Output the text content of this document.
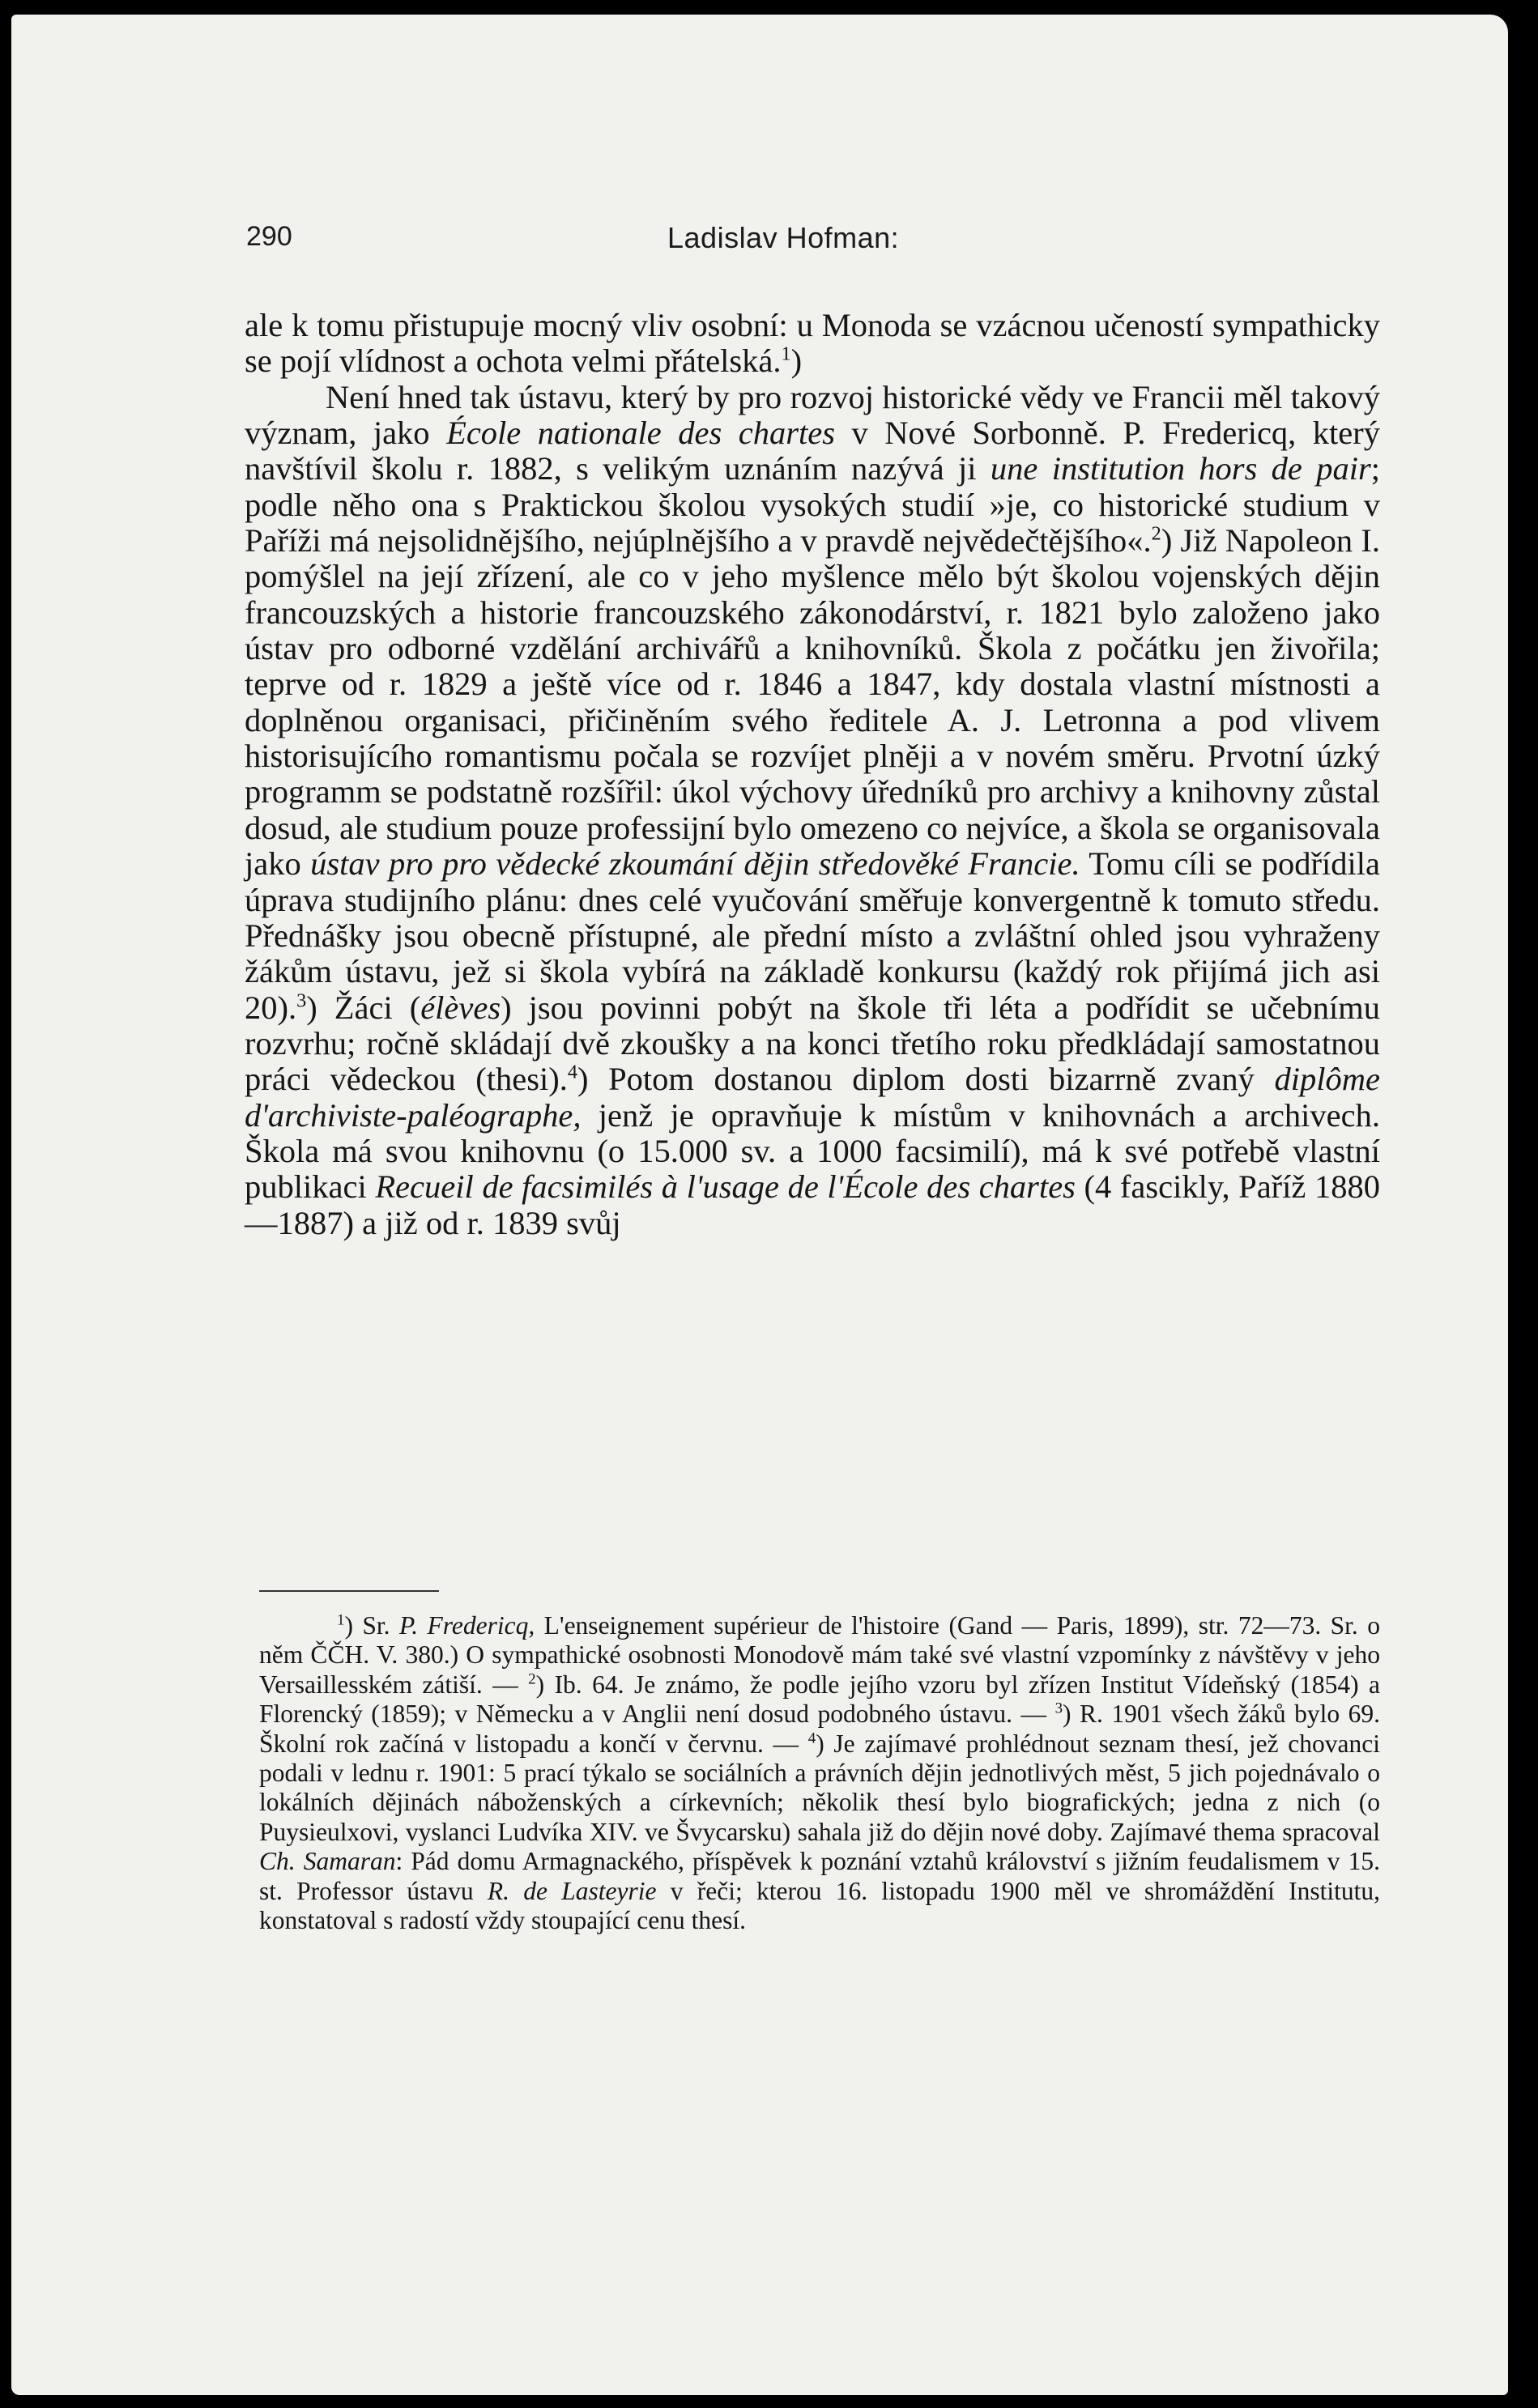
290	Ladislav Hofman:

ale k tomu přistupuje mocný vliv osobní: u Monoda se vzácnou učeností sympathicky se pojí vlídnost a ochota velmi přátelská.$^1$)

Není hned tak ústavu, který by pro rozvoj historické vědy ve Francii měl takový význam, jako École nationale des chartes v Nové Sorbonně. P. Fredericq, který navštívil školu r. 1882, s velikým uznáním nazývá ji une institution hors de pair; podle něho ona s Praktickou školou vysokých studií »je, co historické studium v Paříži má nejsolidnějšího, nejúplnějšího a v pravdě nejvědečtějšího«.$^2$) Již Napoleon I. pomýšlel na její zřízení, ale co v jeho myšlence mělo být školou vojenských dějin francouzských a historie francouzského zákonodárství, r. 1821 bylo založeno jako ústav pro odborné vzdělání archivářů a knihovníků. Škola z počátku jen živořila; teprve od r. 1829 a ještě více od r. 1846 a 1847, kdy dostala vlastní místnosti a doplněnou organisaci, přičiněním svého ředitele A. J. Letronna a pod vlivem historisujícího romantismu počala se rozvíjet plněji a v novém směru. Prvotní úzký programm se podstatně rozšířil: úkol výchovy úředníků pro archivy a knihovny zůstal dosud, ale studium pouze professijní bylo omezeno co nejvíce, a škola se organisovala jako ústav pro pro vědecké zkoumání dějin středověké Francie. Tomu cíli se podřídila úprava studijního plánu: dnes celé vyučování směřuje konvergentně k tomuto středu. Přednášky jsou obecně přístupné, ale přední místo a zvláštní ohled jsou vyhraženy žákům ústavu, jež si škola vybírá na základě konkursu (každý rok přijímá jich asi 20).$^3$) Žáci (élèves) jsou povinni pobýt na škole tři léta a podřídit se učebnímu rozvrhu; ročně skládají dvě zkoušky a na konci třetího roku předkládají samostatnou práci vědeckou (thesi).$^4$) Potom dostanou diplom dosti bizarrně zvaný diplôme d'archiviste-paléographe, jenž je opravňuje k místům v knihovnách a archivech. Škola má svou knihovnu (o 15.000 sv. a 1000 facsimilí), má k své potřebě vlastní publikaci Recueil de facsimilés à l'usage de l'École des chartes (4 fascikly, Paříž 1880—1887) a již od r. 1839 svůj

$^1$) Sr. P. Fredericq, L'enseignement supérieur de l'histoire (Gand — Paris, 1899), str. 72—73. Sr. o něm ČČH. V. 380.) O sympathické osobnosti Monodově mám také své vlastní vzpomínky z návštěvy v jeho Versaillesském zátiší. — $^2$) Ib. 64. Je známo, že podle jejího vzoru byl zřízen Institut Vídeňský (1854) a Florencký (1859); v Německu a v Anglii není dosud podobného ústavu. — $^3$) R. 1901 všech žáků bylo 69. Školní rok začíná v listopadu a končí v červnu. — $^4$) Je zajímavé prohlédnout seznam thesí, jež chovanci podali v lednu r. 1901: 5 prací týkalo se sociálních a právních dějin jednotlivých měst, 5 jich pojednávalo o lokálních dějinách náboženských a církevních; několik thesí bylo biografických; jedna z nich (o Puysieulxovi, vyslanci Ludvíka XIV. ve Švycarsku) sahala již do dějin nové doby. Zajímavé thema spracoval Ch. Samaran: Pád domu Armagnackého, příspěvek k poznání vztahů království s jižním feudalismem v 15. st. Professor ústavu R. de Lasteyrie v řeči; kterou 16. listopadu 1900 měl ve shromáždění Institutu, konstatoval s radostí vždy stoupající cenu thesí.
